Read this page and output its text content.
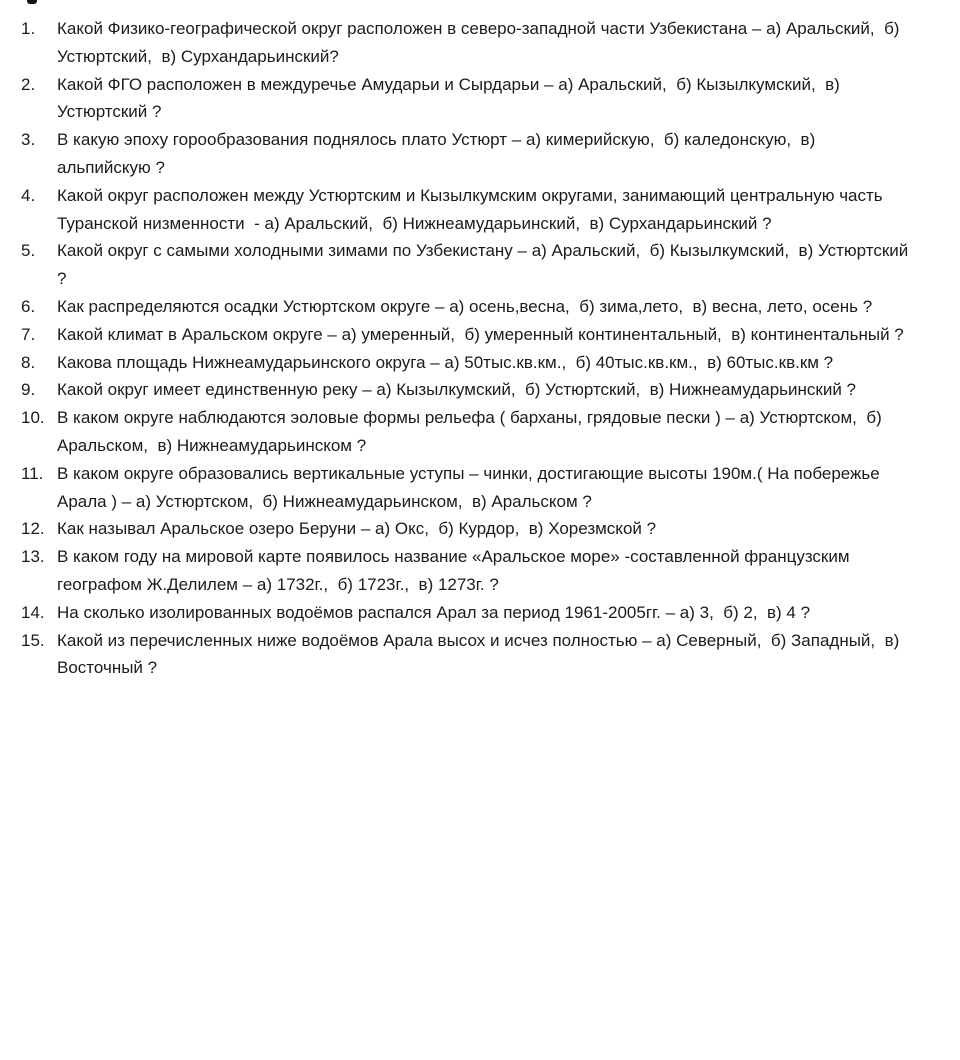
1.	Какой Физико-географической округ расположен в северо-западной части Узбекистана – а) Аральский,  б) Устюртский,  в) Сурхандарьинский?
2.	Какой ФГО расположен в междуречье Амударьи и Сырдарьи – а) Аральский,  б) Кызылкумский,  в) Устюртский ?
3.	В какую эпоху горообразования поднялось плато Устюрт – а) кимерийскую,  б) каледонскую,  в) альпийскую ?
4.	Какой округ расположен между Устюртским и Кызылкумским округами, занимающий центральную часть Туранской низменности  - а) Аральский,  б) Нижнеамударьинский,  в) Сурхандарьинский ?
5.	Какой округ с самыми холодными зимами по Узбекистану – а) Аральский,  б) Кызылкумский,  в) Устюртский ?
6.	Как распределяются осадки Устюртском округе – а) осень,весна,  б) зима,лето,  в) весна, лето, осень ?
7.	Какой климат в Аральском округе – а) умеренный,  б) умеренный континентальный,  в) континентальный ?
8.	Какова площадь Нижнеамударьинского округа – а) 50тыс.кв.км.,  б) 40тыс.кв.км.,  в) 60тыс.кв.км ?
9.	Какой округ имеет единственную реку – а) Кызылкумский,  б) Устюртский,  в) Нижнеамударьинский ?
10. В каком округе наблюдаются эоловые формы рельефа ( барханы, грядовые пески ) – а) Устюртском,  б) Аральском,  в) Нижнеамударьинском ?
11. В каком округе образовались вертикальные уступы – чинки, достигающие высоты 190м.( На побережье Арала ) – а) Устюртском,  б) Нижнеамударьинском,  в) Аральском ?
12. Как называл Аральское озеро Беруни – а) Окс,  б) Курдор,  в) Хорезмской ?
13. В каком году на мировой карте появилось название «Аральское море» -составленной французским географом Ж.Делилем – а) 1732г.,  б) 1723г.,  в) 1273г. ?
14. На сколько изолированных водоёмов распался Арал за период 1961-2005гг. – а) 3,  б) 2,  в) 4 ?
15. Какой из перечисленных ниже водоёмов Арала высох и исчез полностью – а) Северный,  б) Западный,  в) Восточный ?
